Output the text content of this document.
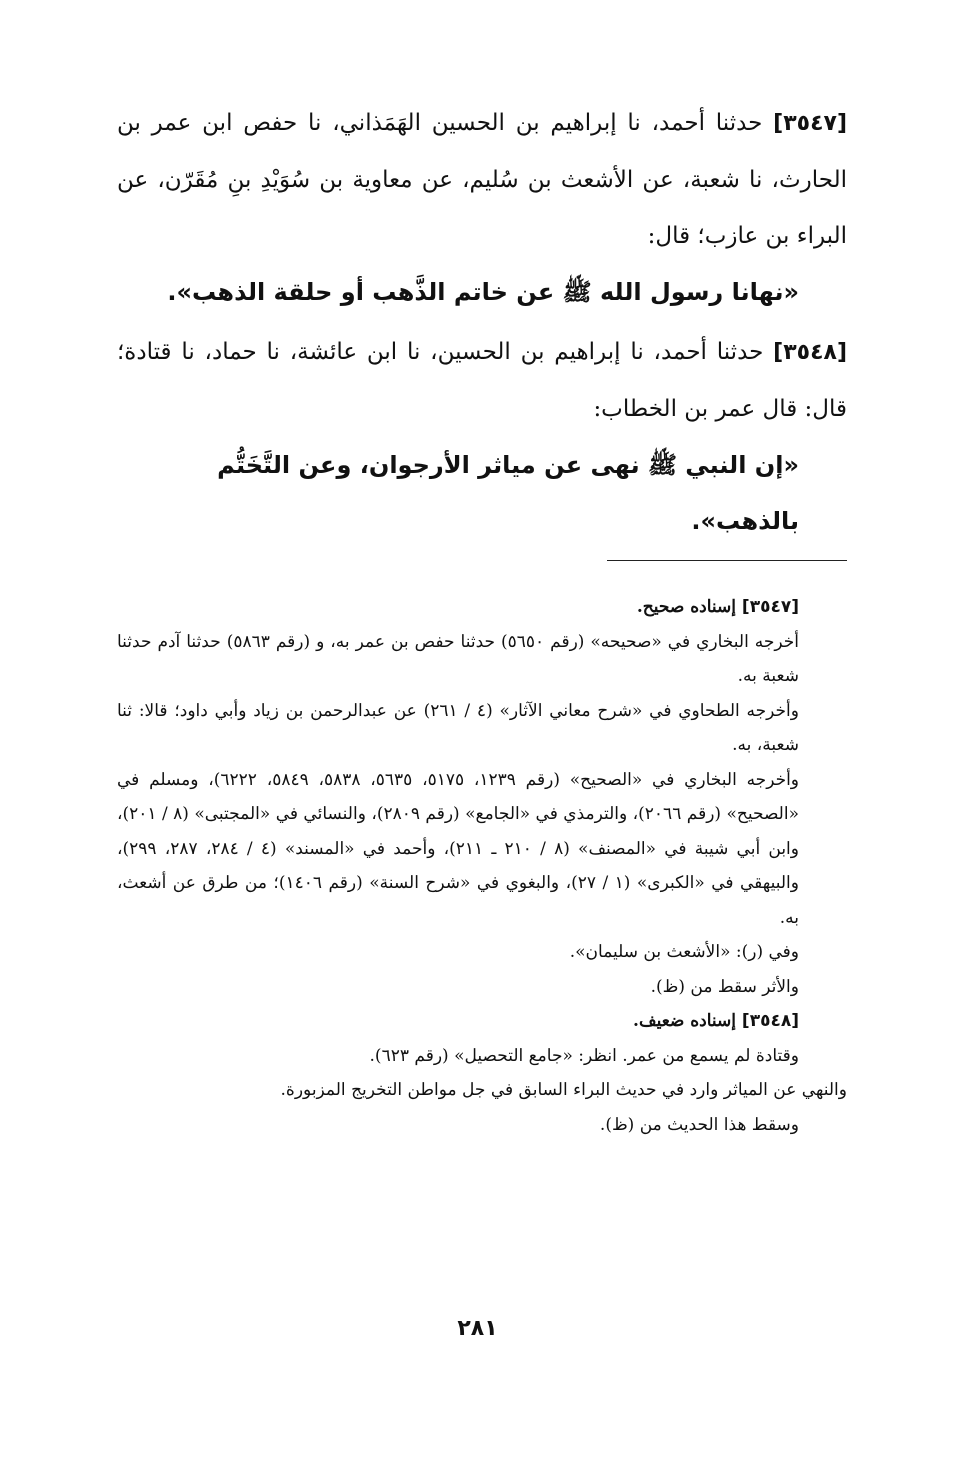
[٣٥٤٧] حدثنا أحمد، نا إبراهيم بن الحسين الهَمَذاني، نا حفص ابن عمر بن الحارث، نا شعبة، عن الأشعث بن سُليم، عن معاوية بن سُوَيْدِ بنِ مُقَرّن، عن البراء بن عازب؛ قال:

«نهانا رسول الله ﷺ عن خاتم الذَّهب أو حلقة الذهب».

[٣٥٤٨] حدثنا أحمد، نا إبراهيم بن الحسين، نا ابن عائشة، نا حماد، نا قتادة؛ قال: قال عمر بن الخطاب:

«إن النبي ﷺ نهى عن مياثر الأرجوان، وعن التَّخَتُّم بالذهب».

[٣٥٤٧] إسناده صحيح.

أخرجه البخاري في «صحيحه» (رقم ٥٦٥٠) حدثنا حفص بن عمر به، و (رقم ٥٨٦٣) حدثنا آدم حدثنا شعبة به.

وأخرجه الطحاوي في «شرح معاني الآثار» (٤ / ٢٦١) عن عبدالرحمن بن زياد وأبي داود؛ قالا: ثنا شعبة، به.

وأخرجه البخاري في «الصحيح» (رقم ١٢٣٩، ٥١٧٥، ٥٦٣٥، ٥٨٣٨، ٥٨٤٩، ٦٢٢٢)، ومسلم في «الصحيح» (رقم ٢٠٦٦)، والترمذي في «الجامع» (رقم ٢٨٠٩)، والنسائي في «المجتبى» (٨ / ٢٠١)، وابن أبي شيبة في «المصنف» (٨ / ٢١٠ ـ ٢١١)، وأحمد في «المسند» (٤ / ٢٨٤، ٢٨٧، ٢٩٩)، والبيهقي في «الكبرى» (١ / ٢٧)، والبغوي في «شرح السنة» (رقم ١٤٠٦)؛ من طرق عن أشعث، به.

وفي (ر): «الأشعث بن سليمان».

والأثر سقط من (ظ).

[٣٥٤٨] إسناده ضعيف.

وقتادة لم يسمع من عمر. انظر: «جامع التحصيل» (رقم ٦٢٣).

والنهي عن المياثر وارد في حديث البراء السابق في جل مواطن التخريج المزبورة.

وسقط هذا الحديث من (ظ).

٢٨١
